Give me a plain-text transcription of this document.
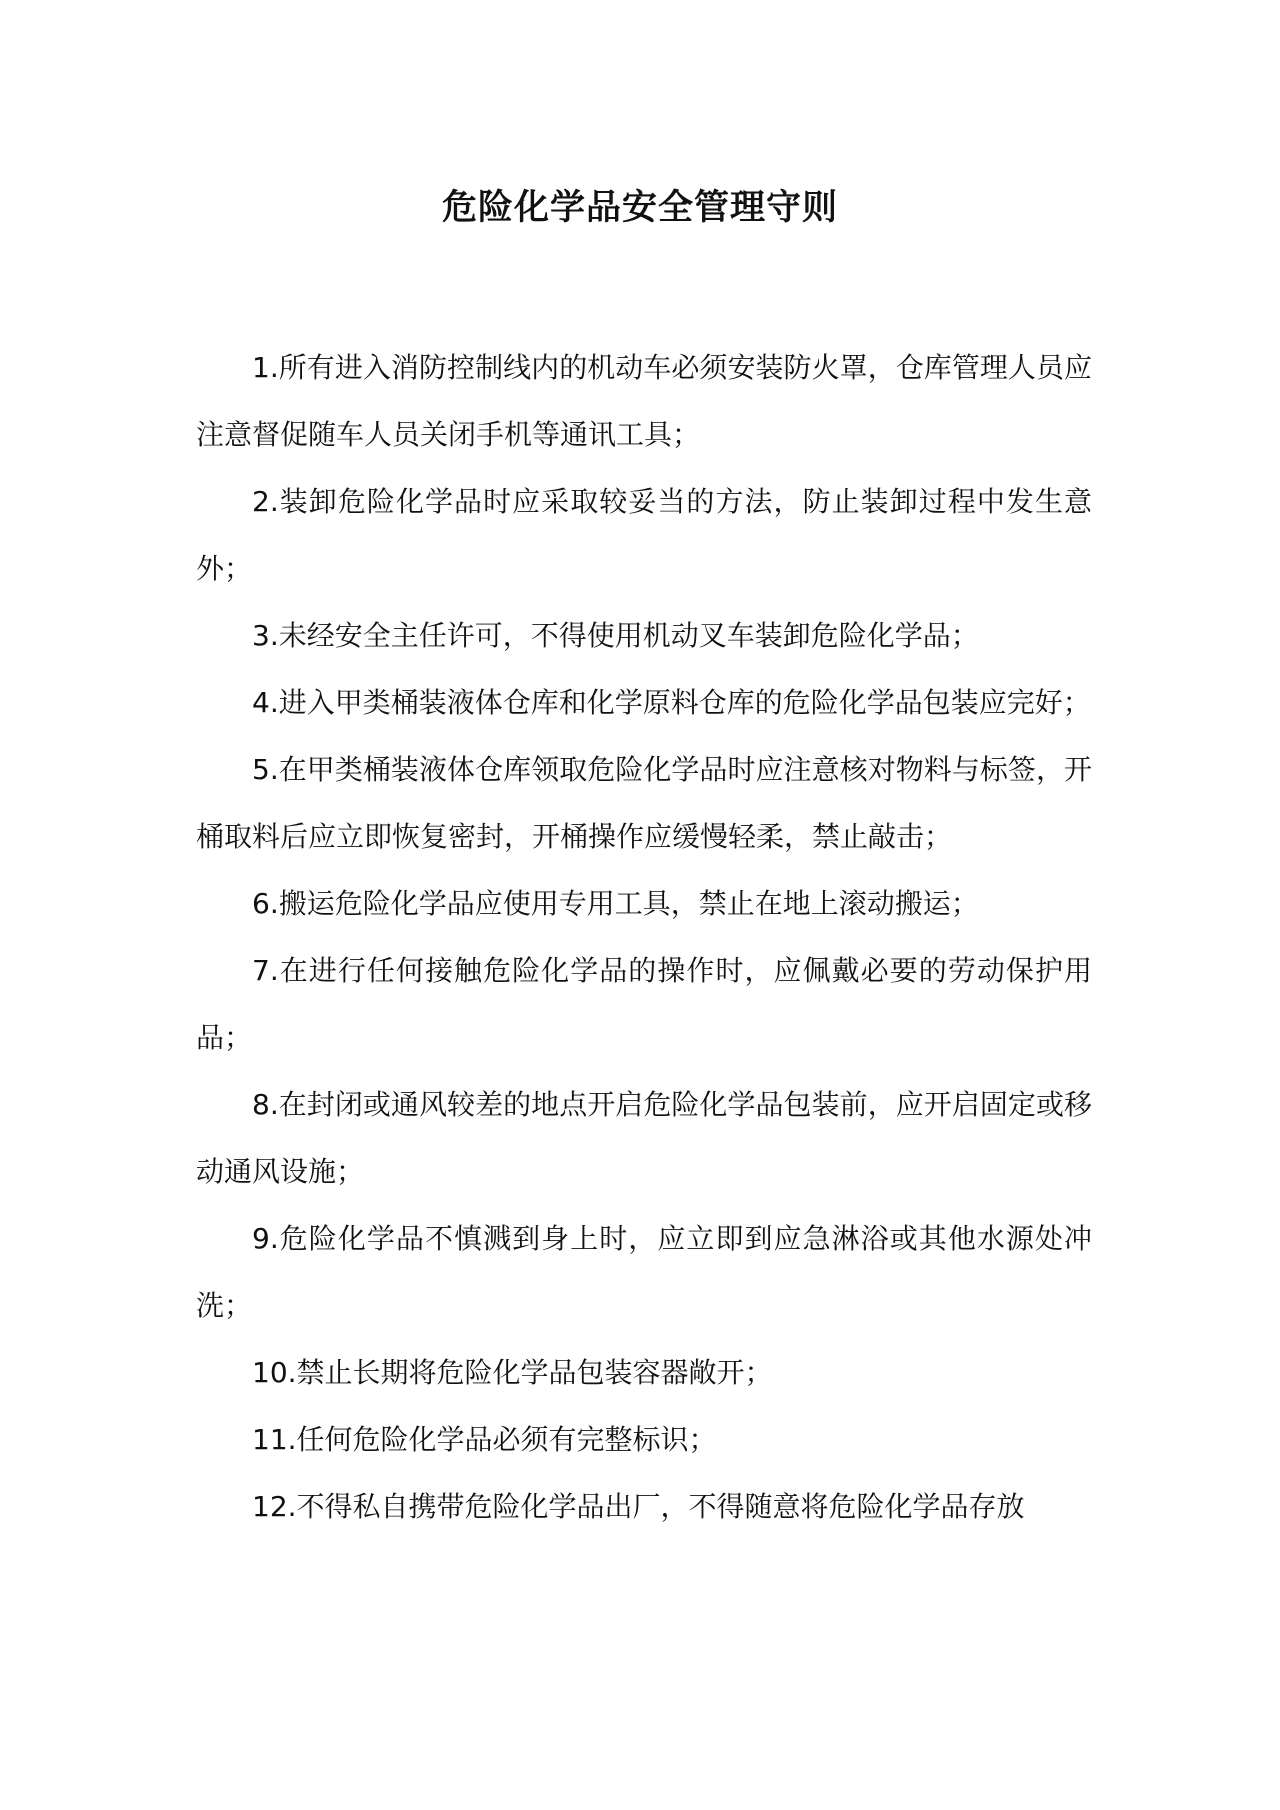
危险化学品安全管理守则

1.所有进入消防控制线内的机动车必须安装防火罩，仓库管理人员应注意督促随车人员关闭手机等通讯工具；

2.装卸危险化学品时应采取较妥当的方法，防止装卸过程中发生意外；

3.未经安全主任许可，不得使用机动叉车装卸危险化学品；

4.进入甲类桶装液体仓库和化学原料仓库的危险化学品包装应完好；

5.在甲类桶装液体仓库领取危险化学品时应注意核对物料与标签，开桶取料后应立即恢复密封，开桶操作应缓慢轻柔，禁止敲击；

6.搬运危险化学品应使用专用工具，禁止在地上滚动搬运；

7.在进行任何接触危险化学品的操作时，应佩戴必要的劳动保护用品；

8.在封闭或通风较差的地点开启危险化学品包装前，应开启固定或移动通风设施；

9.危险化学品不慎溅到身上时，应立即到应急淋浴或其他水源处冲洗；

10.禁止长期将危险化学品包装容器敞开；

11.任何危险化学品必须有完整标识；

12.不得私自携带危险化学品出厂，不得随意将危险化学品存放
